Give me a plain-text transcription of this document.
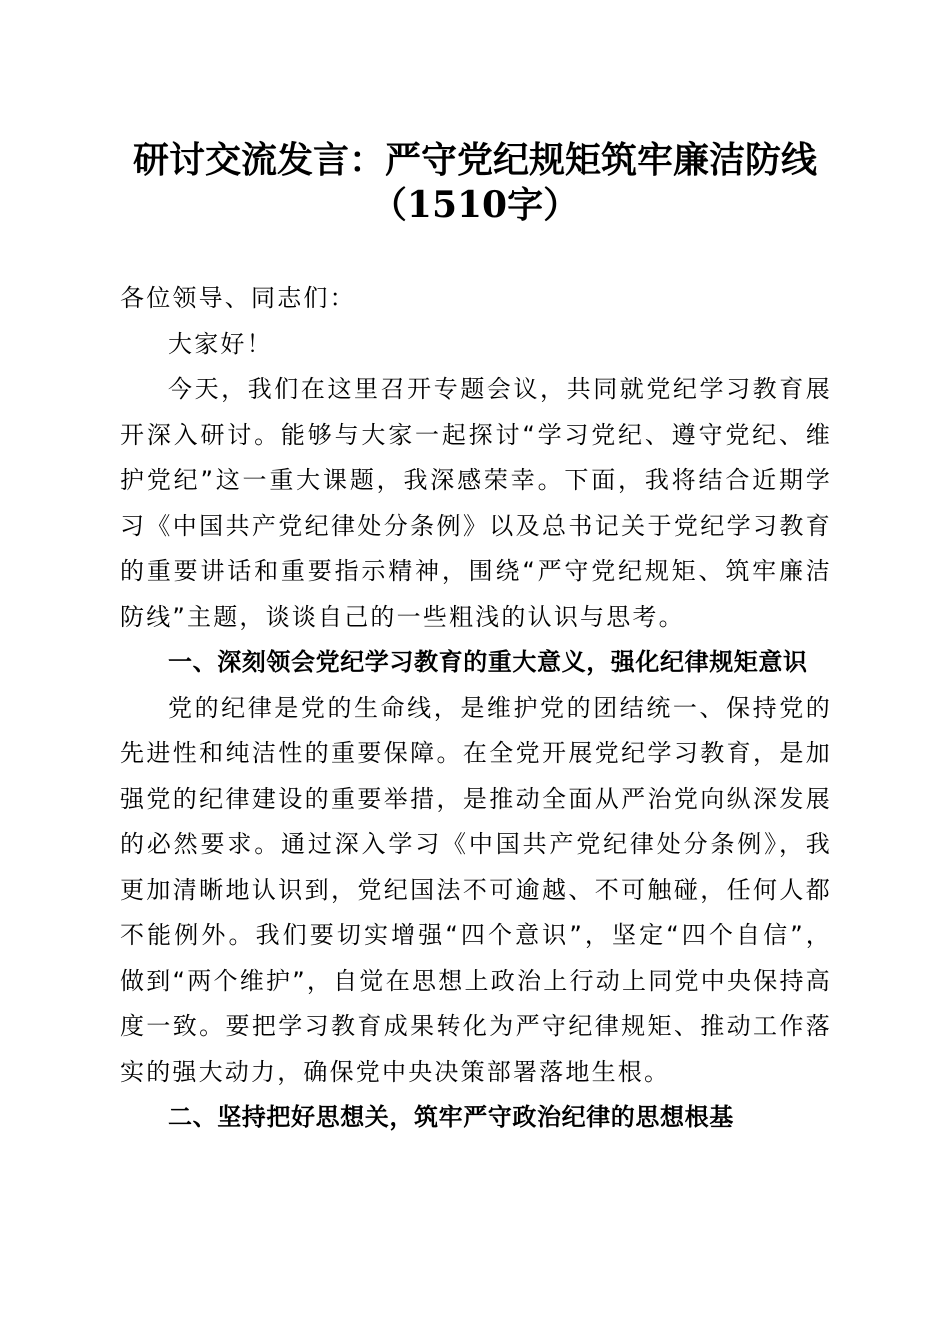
研讨交流发言：严守党纪规矩筑牢廉洁防线
（1510字）

各位领导、同志们：

大家好！

今天，我们在这里召开专题会议，共同就党纪学习教育展开深入研讨。能够与大家一起探讨“学习党纪、遵守党纪、维护党纪”这一重大课题，我深感荣幸。下面，我将结合近期学习《中国共产党纪律处分条例》以及总书记关于党纪学习教育的重要讲话和重要指示精神，围绕“严守党纪规矩、筑牢廉洁防线”主题，谈谈自己的一些粗浅的认识与思考。

一、深刻领会党纪学习教育的重大意义，强化纪律规矩意识

党的纪律是党的生命线，是维护党的团结统一、保持党的先进性和纯洁性的重要保障。在全党开展党纪学习教育，是加强党的纪律建设的重要举措，是推动全面从严治党向纵深发展的必然要求。通过深入学习《中国共产党纪律处分条例》，我更加清晰地认识到，党纪国法不可逾越、不可触碰，任何人都不能例外。我们要切实增强“四个意识”，坚定“四个自信”，做到“两个维护”，自觉在思想上政治上行动上同党中央保持高度一致。要把学习教育成果转化为严守纪律规矩、推动工作落实的强大动力，确保党中央决策部署落地生根。

二、坚持把好思想关，筑牢严守政治纪律的思想根基
